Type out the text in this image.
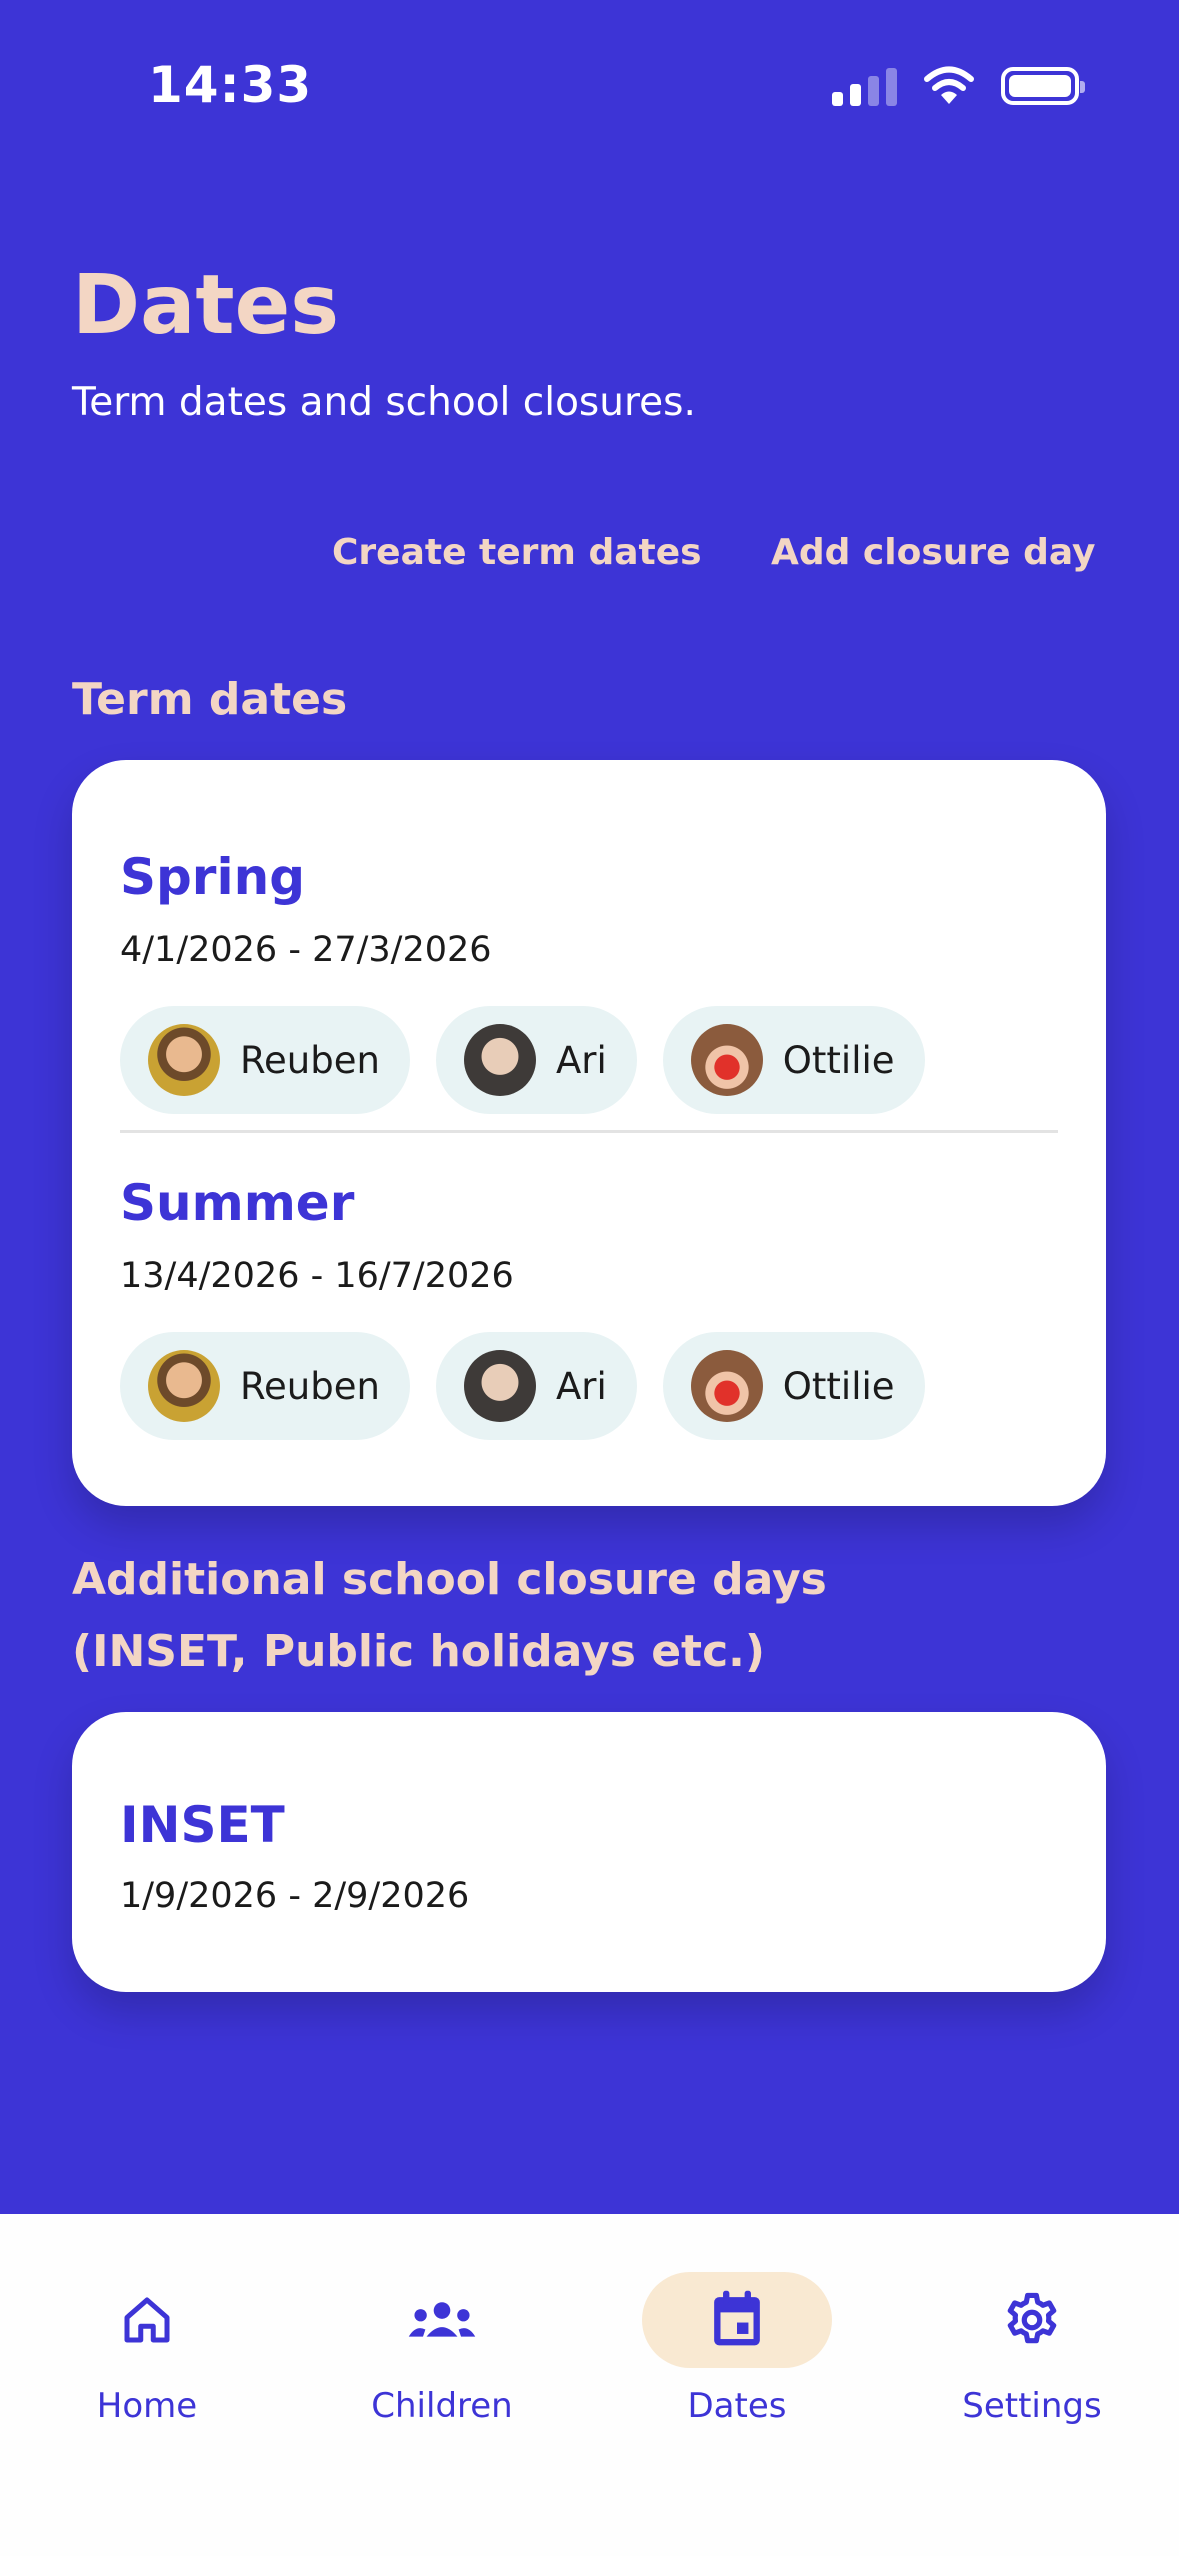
14:33
Dates
Term dates and school closures.
Create term dates Add closure day
Term dates
Spring
4/1/2026 - 27/3/2026
Reuben	Ari	Ottilie
Summer
13/4/2026 - 16/7/2026
Reuben	Ari	Ottilie
Additional school closure days
(INSET, Public holidays etc.)
INSET
1/9/2026 - 2/9/2026
Home	Children	Dates	Settings
